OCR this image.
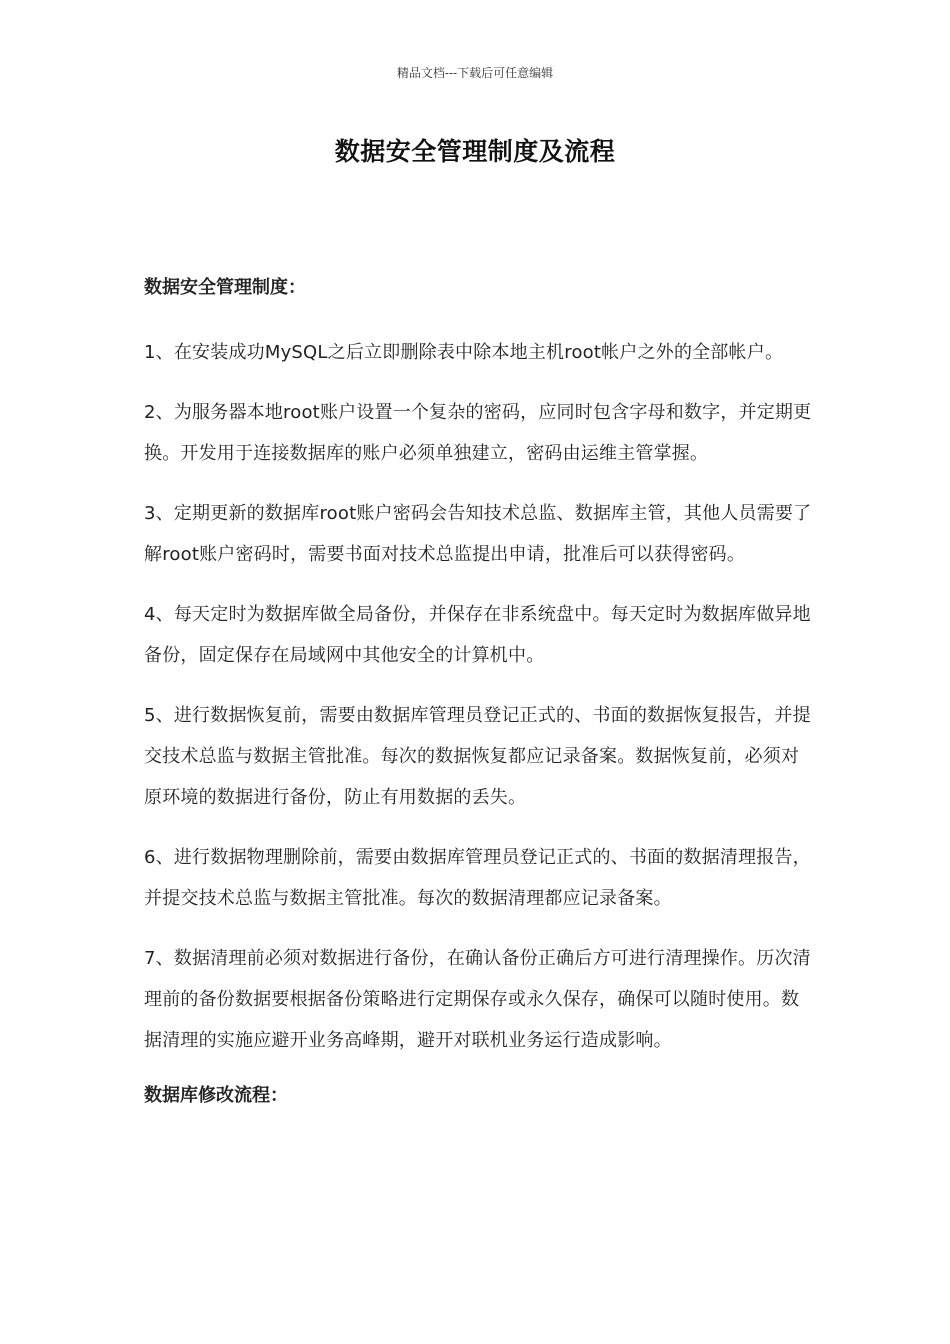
精品文档---下载后可任意编辑
数据安全管理制度及流程

数据安全管理制度：

1、在安装成功MySQL之后立即删除表中除本地主机root帐户之外的全部帐户。

2、为服务器本地root账户设置一个复杂的密码，应同时包含字母和数字，并定期更换。开发用于连接数据库的账户必须单独建立，密码由运维主管掌握。

3、定期更新的数据库root账户密码会告知技术总监、数据库主管，其他人员需要了解root账户密码时，需要书面对技术总监提出申请，批准后可以获得密码。

4、每天定时为数据库做全局备份，并保存在非系统盘中。每天定时为数据库做异地备份，固定保存在局域网中其他安全的计算机中。

5、进行数据恢复前，需要由数据库管理员登记正式的、书面的数据恢复报告，并提交技术总监与数据主管批准。每次的数据恢复都应记录备案。数据恢复前，必须对原环境的数据进行备份，防止有用数据的丢失。

6、进行数据物理删除前，需要由数据库管理员登记正式的、书面的数据清理报告，并提交技术总监与数据主管批准。每次的数据清理都应记录备案。

7、数据清理前必须对数据进行备份，在确认备份正确后方可进行清理操作。历次清理前的备份数据要根据备份策略进行定期保存或永久保存，确保可以随时使用。数据清理的实施应避开业务高峰期，避开对联机业务运行造成影响。

数据库修改流程：
